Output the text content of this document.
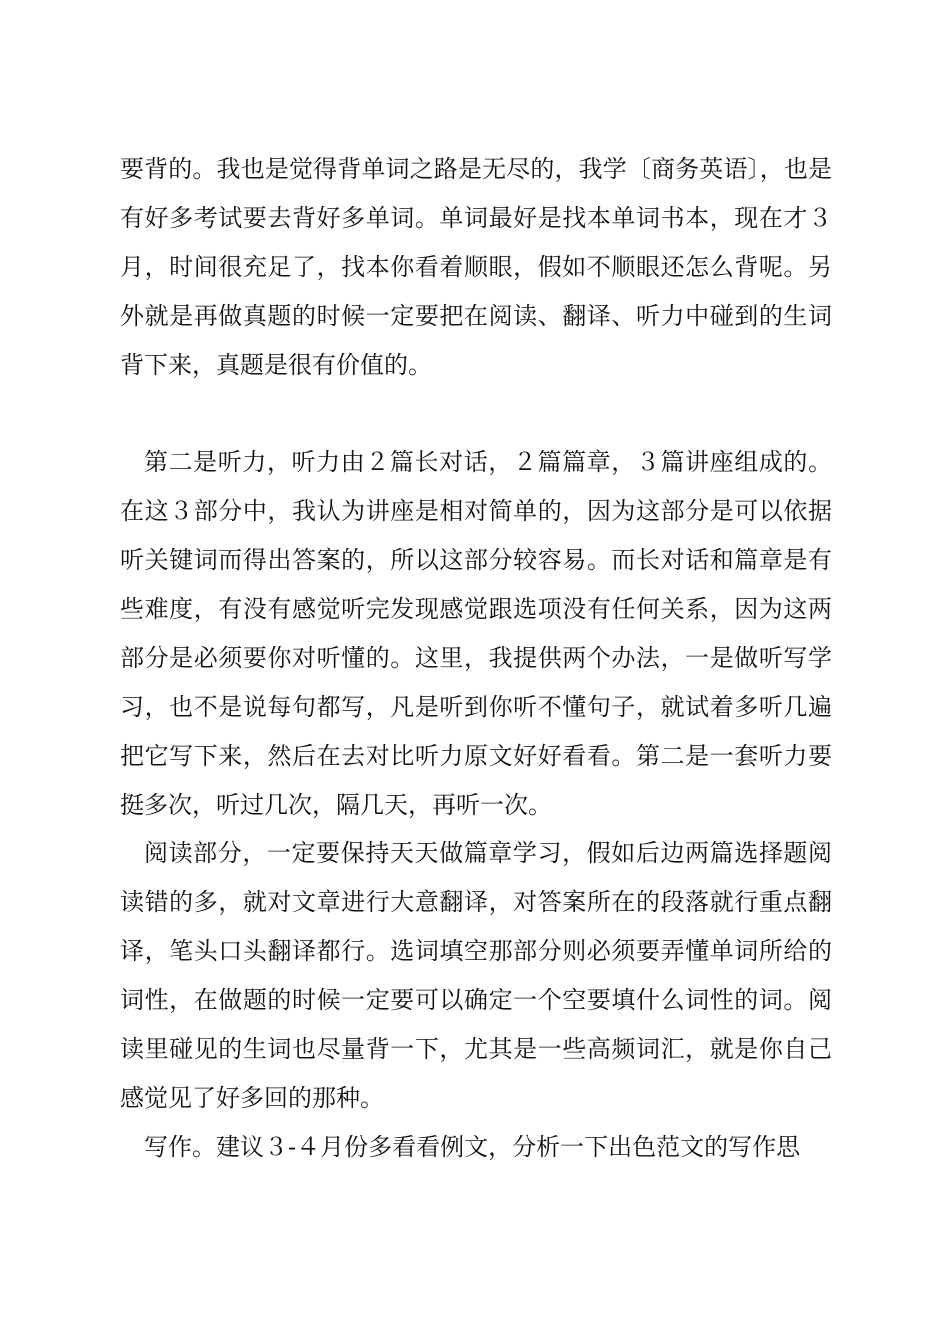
要背的。我也是觉得背单词之路是无尽的，我学〔商务英语〕，也是有好多考试要去背好多单词。单词最好是找本单词书本，现在才３月，时间很充足了，找本你看着顺眼，假如不顺眼还怎么背呢。另外就是再做真题的时候一定要把在阅读、翻译、听力中碰到的生词背下来，真题是很有价值的。

第二是听力，听力由２篇长对话，２篇篇章，３篇讲座组成的。在这３部分中，我认为讲座是相对简单的，因为这部分是可以依据听关键词而得出答案的，所以这部分较容易。而长对话和篇章是有些难度，有没有感觉听完发现感觉跟选项没有任何关系，因为这两部分是必须要你对听懂的。这里，我提供两个办法，一是做听写学习，也不是说每句都写，凡是听到你听不懂句子，就试着多听几遍把它写下来，然后在去对比听力原文好好看看。第二是一套听力要挺多次，听过几次，隔几天，再听一次。

阅读部分，一定要保持天天做篇章学习，假如后边两篇选择题阅读错的多，就对文章进行大意翻译，对答案所在的段落就行重点翻译，笔头口头翻译都行。选词填空那部分则必须要弄懂单词所给的词性，在做题的时候一定要可以确定一个空要填什么词性的词。阅读里碰见的生词也尽量背一下，尤其是一些高频词汇，就是你自己感觉见了好多回的那种。

写作。建议３-４月份多看看例文，分析一下出色范文的写作思
